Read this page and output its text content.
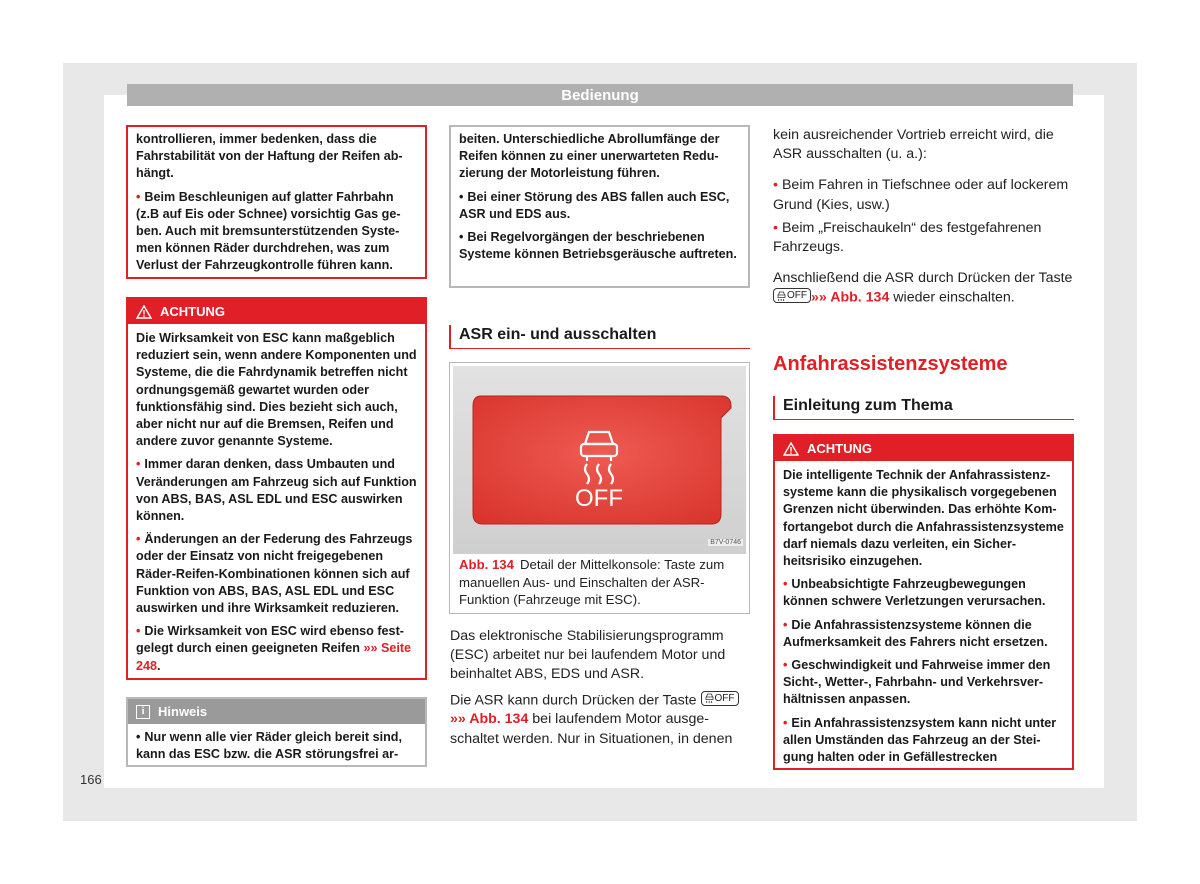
Bedienung

kontrollieren, immer bedenken, dass die Fahrstabilität von der Haftung der Reifen abhängt.

• Beim Beschleunigen auf glatter Fahrbahn (z.B auf Eis oder Schnee) vorsichtig Gas geben. Auch mit bremsunterstützenden Systemen können Räder durchdrehen, was zum Verlust der Fahrzeugkontrolle führen kann.

ACHTUNG

Die Wirksamkeit von ESC kann maßgeblich reduziert sein, wenn andere Komponenten und Systeme, die die Fahrdynamik betreffen nicht ordnungsgemäß gewartet wurden oder funktionsfähig sind. Dies bezieht sich auch, aber nicht nur auf die Bremsen, Reifen und andere zuvor genannte Systeme.

• Immer daran denken, dass Umbauten und Veränderungen am Fahrzeug sich auf Funktion von ABS, BAS, ASL EDL und ESC auswirken können.

• Änderungen an der Federung des Fahrzeugs oder der Einsatz von nicht freigegebenen Räder-Reifen-Kombinationen können sich auf Funktion von ABS, BAS, ASL EDL und ESC auswirken und ihre Wirksamkeit reduzieren.

• Die Wirksamkeit von ESC wird ebenso festgelegt durch einen geeigneten Reifen »» Seite 248.

i	Hinweis

• Nur wenn alle vier Räder gleich bereit sind, kann das ESC bzw. die ASR störungsfrei ar-

beiten. Unterschiedliche Abrollumfänge der Reifen können zu einer unerwarteten Reduzierung der Motorleistung führen.

• Bei einer Störung des ABS fallen auch ESC, ASR und EDS aus.

• Bei Regelvorgängen der beschriebenen Systeme können Betriebsgeräusche auftreten.

ASR ein- und ausschalten
OFF
B7V-0746
Abb. 134 Detail der Mittelkonsole: Taste zum manuellen Aus- und Einschalten der ASR-Funktion (Fahrzeuge mit ESC).

Das elektronische Stabilisierungsprogramm (ESC) arbeitet nur bei laufendem Motor und beinhaltet ABS, EDS und ASR.

Die ASR kann durch Drücken der Taste OFF
»» Abb. 134 bei laufendem Motor ausgeschaltet werden. Nur in Situationen, in denen

kein ausreichender Vortrieb erreicht wird, die ASR ausschalten (u. a.):

• Beim Fahren in Tiefschnee oder auf lockerem Grund (Kies, usw.)

• Beim „Freischaukeln“ des festgefahrenen Fahrzeugs.

Anschließend die ASR durch Drücken der Taste
OFF »» Abb. 134 wieder einschalten.

Anfahrassistenzsysteme
Einleitung zum Thema
ACHTUNG

Die intelligente Technik der Anfahrassistenzsysteme kann die physikalisch vorgegebenen Grenzen nicht überwinden. Das erhöhte Komfortangebot durch die Anfahrassistenzsysteme darf niemals dazu verleiten, ein Sicherheitsrisiko einzugehen.

• Unbeabsichtigte Fahrzeugbewegungen können schwere Verletzungen verursachen.

• Die Anfahrassistenzsysteme können die Aufmerksamkeit des Fahrers nicht ersetzen.

• Geschwindigkeit und Fahrweise immer den Sicht-, Wetter-, Fahrbahn- und Verkehrsverhältnissen anpassen.

• Ein Anfahrassistenzsystem kann nicht unter allen Umständen das Fahrzeug an der Steigung halten oder in Gefällestrecken

166
